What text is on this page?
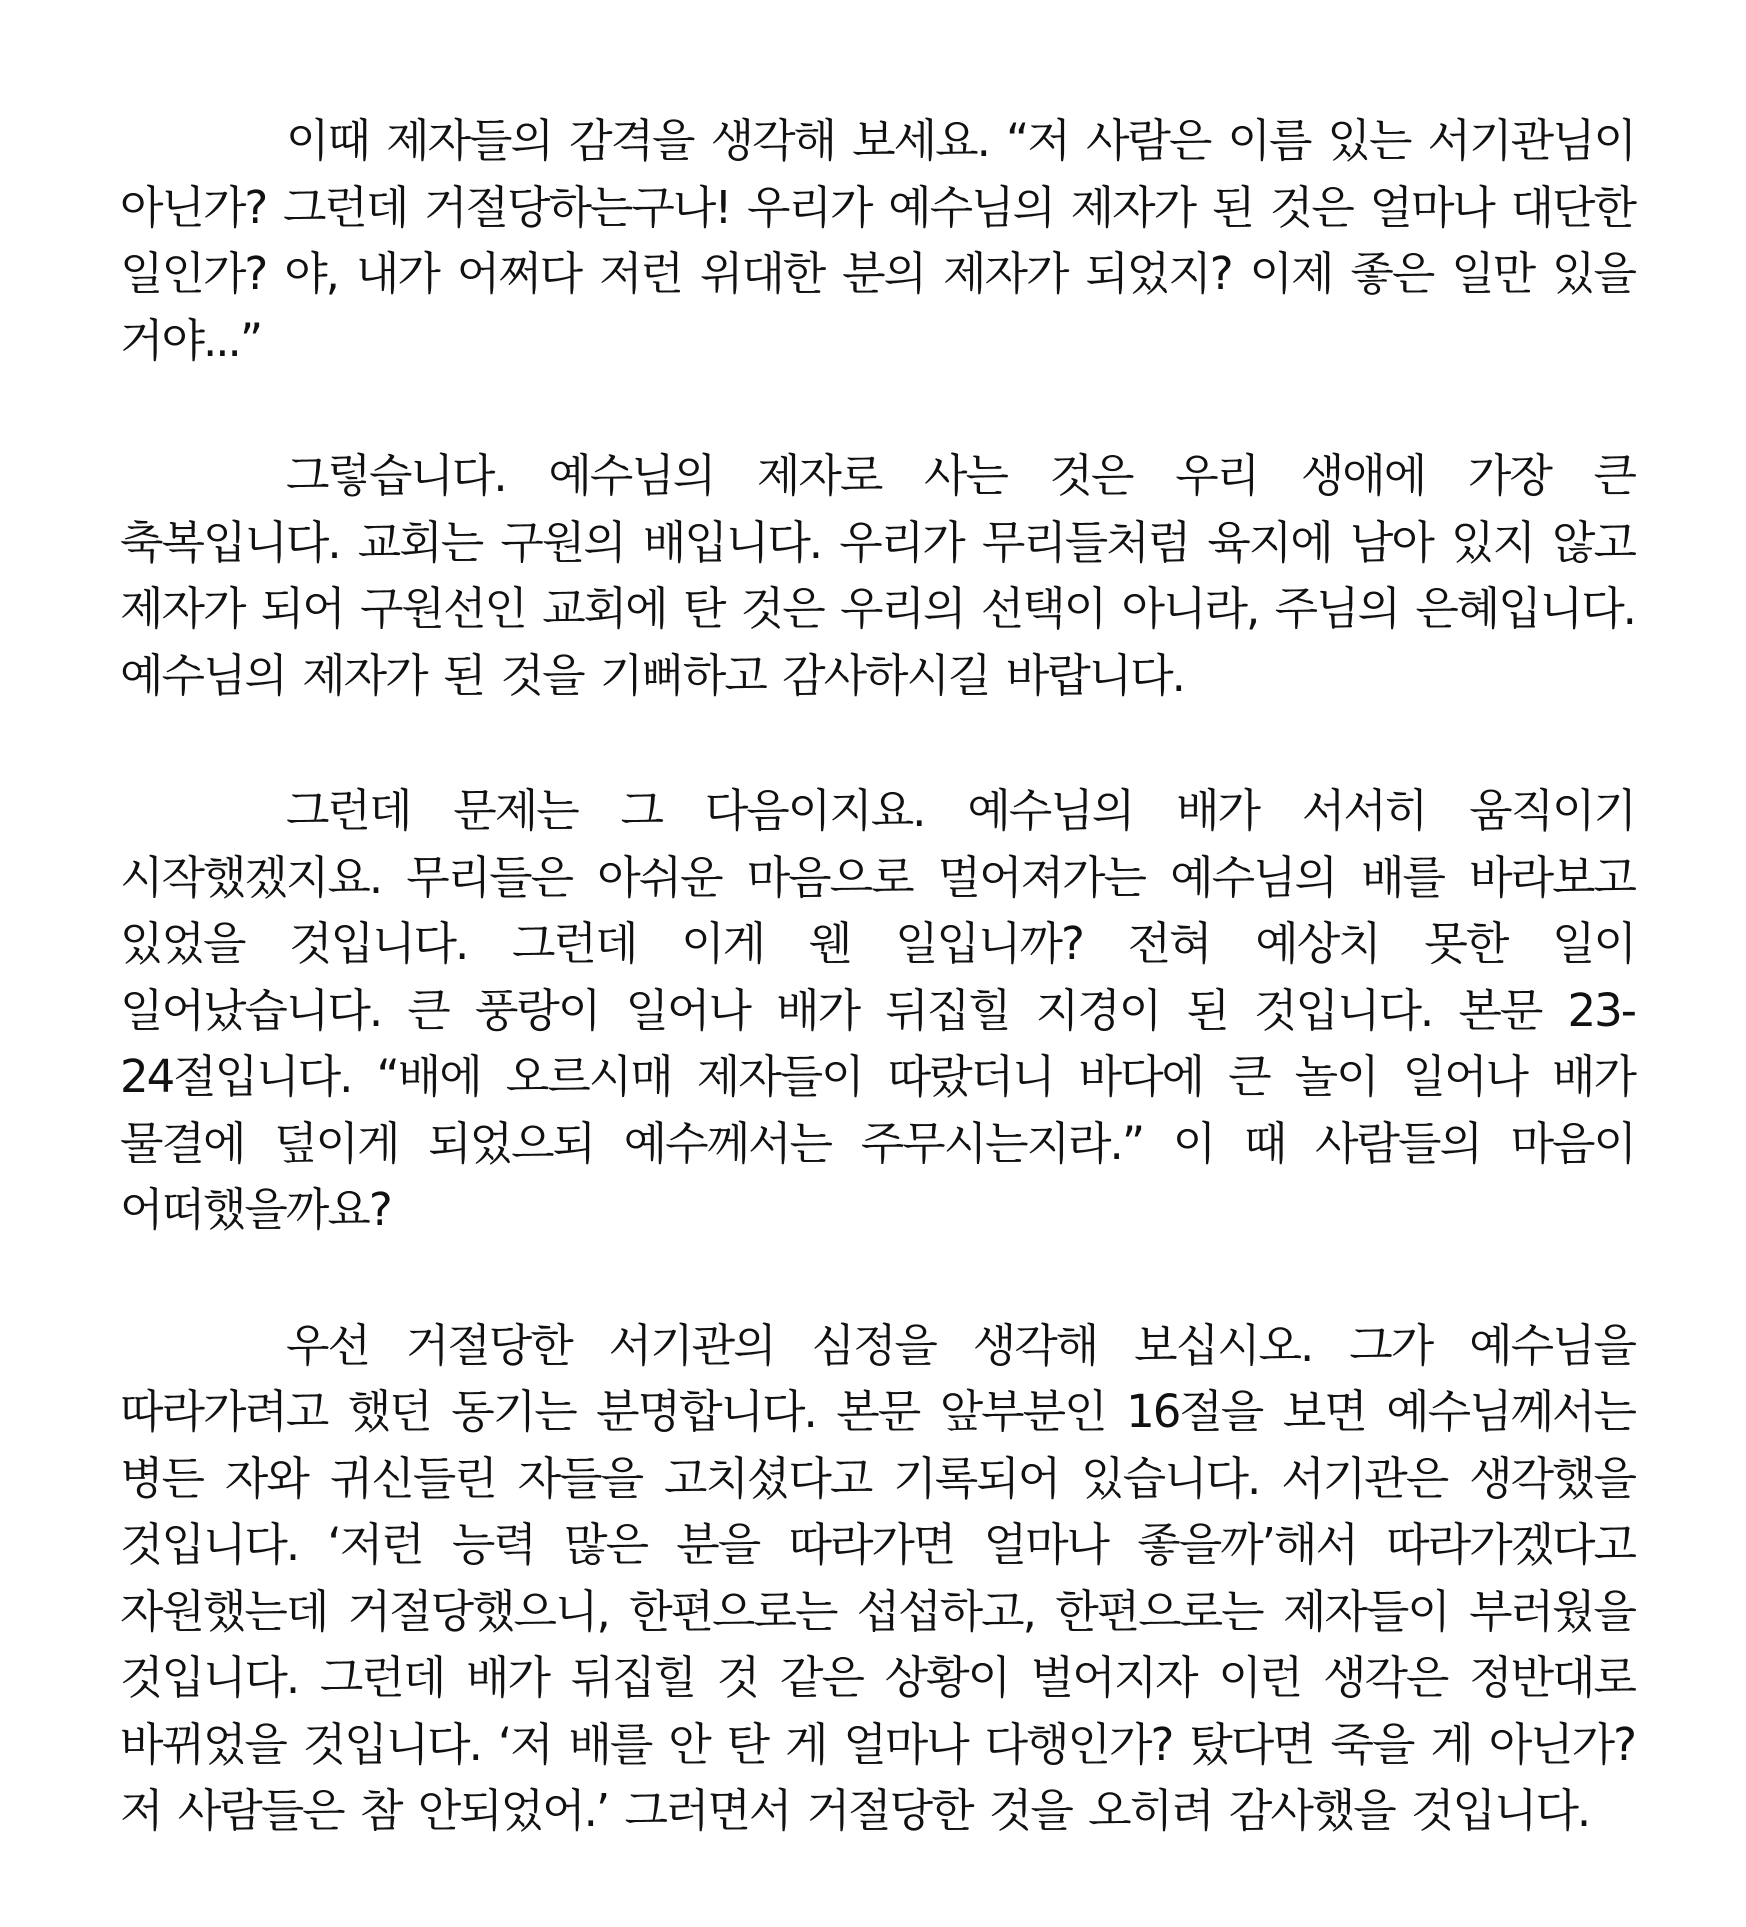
이때 제자들의 감격을 생각해 보세요. “저 사람은 이름 있는 서기관님이 아닌가? 그런데 거절당하는구나! 우리가 예수님의 제자가 된 것은 얼마나 대단한 일인가? 야, 내가 어쩌다 저런 위대한 분의 제자가 되었지? 이제 좋은 일만 있을 거야...”

그렇습니다. 예수님의 제자로 사는 것은 우리 생애에 가장 큰 축복입니다. 교회는 구원의 배입니다. 우리가 무리들처럼 육지에 남아 있지 않고 제자가 되어 구원선인 교회에 탄 것은 우리의 선택이 아니라, 주님의 은혜입니다. 예수님의 제자가 된 것을 기뻐하고 감사하시길 바랍니다.

그런데 문제는 그 다음이지요. 예수님의 배가 서서히 움직이기 시작했겠지요. 무리들은 아쉬운 마음으로 멀어져가는 예수님의 배를 바라보고 있었을 것입니다. 그런데 이게 웬 일입니까? 전혀 예상치 못한 일이 일어났습니다. 큰 풍랑이 일어나 배가 뒤집힐 지경이 된 것입니다. 본문 23-24절입니다. “배에 오르시매 제자들이 따랐더니 바다에 큰 놀이 일어나 배가 물결에 덮이게 되었으되 예수께서는 주무시는지라.” 이 때 사람들의 마음이 어떠했을까요?

우선 거절당한 서기관의 심정을 생각해 보십시오. 그가 예수님을 따라가려고 했던 동기는 분명합니다. 본문 앞부분인 16절을 보면 예수님께서는 병든 자와 귀신들린 자들을 고치셨다고 기록되어 있습니다. 서기관은 생각했을 것입니다. ‘저런 능력 많은 분을 따라가면 얼마나 좋을까’해서 따라가겠다고 자원했는데 거절당했으니, 한편으로는 섭섭하고, 한편으로는 제자들이 부러웠을 것입니다. 그런데 배가 뒤집힐 것 같은 상황이 벌어지자 이런 생각은 정반대로 바뀌었을 것입니다. ‘저 배를 안 탄 게 얼마나 다행인가? 탔다면 죽을 게 아닌가? 저 사람들은 참 안되었어.’ 그러면서 거절당한 것을 오히려 감사했을 것입니다.
